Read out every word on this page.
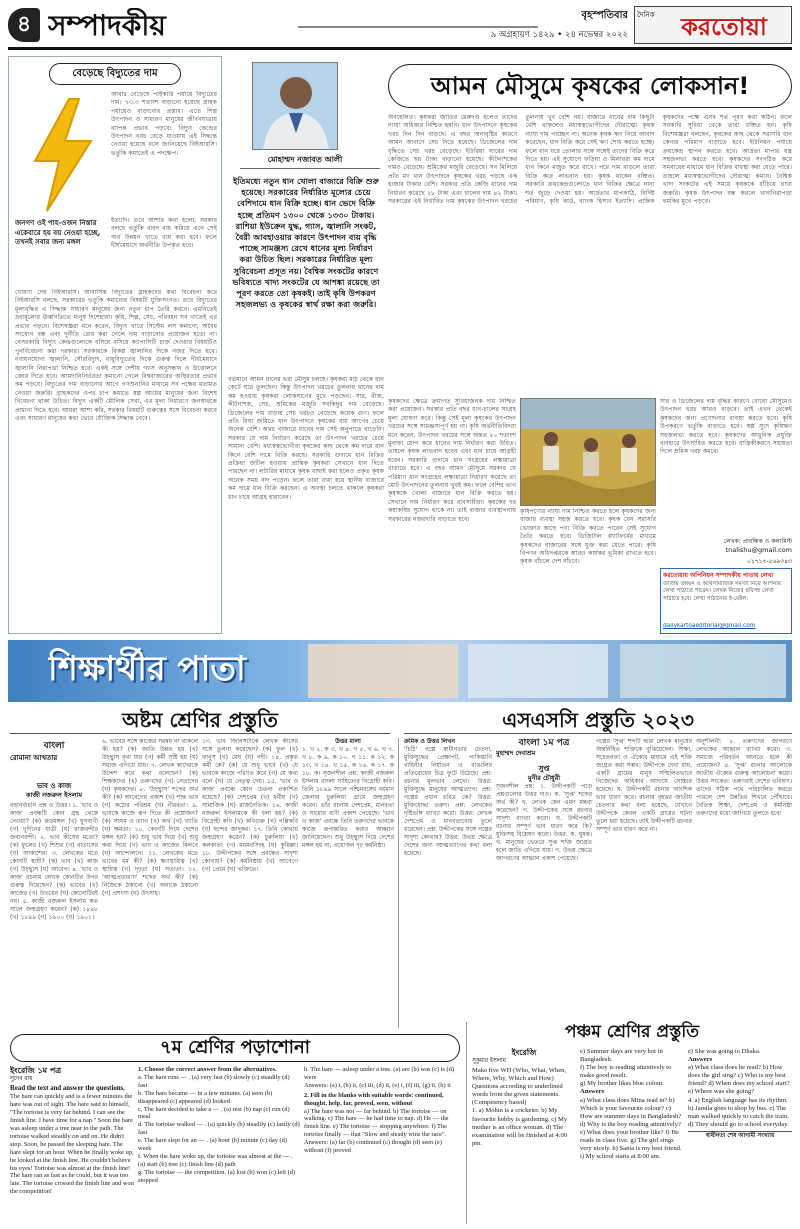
৪ সম্পাদকীয়	বৃহস্পতিবার
৯ অগ্রহায়ণ ১৪২৯ • ২৪ নভেম্বর ২০২২
দৈনিক	করতোয়া
বেড়েছে বিদ্যুতের দাম
আবার বেড়েছে পাইকারি পর্যায়ে বিদ্যুতের দাম। ৭৩.৩ শতাংশ বাড়ানো হয়েছে গ্রাহক পর্যায়েও বাড়ানোর প্রস্তাব। এতে শিল্প উৎপাদন ও সাধারণ মানুষের জীবনযাত্রায় ব্যাপক প্রভাব পড়বে। বিদ্যুৎ কেন্দ্রের উৎপাদন খরচ বেড়ে যাওয়ায় এই সিদ্ধান্ত নেওয়া হয়েছে বলে জানিয়েছে বিইআরসি। ভর্তুকি কমাতেই এ পদক্ষেপ।
জনগণ ওই পাহ-ওজন নিস্তার একেবারে হয় বয় নেওয়া হচ্ছে, তখনই সবার জন্য মঙ্গল
ইত্যাদি। তবে আশার কথা হলো, সরকার বলছে ভর্তুকি বাবদ ব্যয় কমিয়ে এনে সেই অর্থ উন্নয়ন খাতে ব্যয় করা হবে। ফলে দীর্ঘমেয়াদে অর্থনীতি উপকৃত হবে।
ঘোষণা দেয় বিইআরসি। আবাসিক বিদ্যুতের গ্রাহকদের কথা বিবেচনা করে বিইআরসি বলছে, সরকারের ভর্তুকি কমানোর বিষয়টি যুক্তিসংগত। তবে বিদ্যুতের মূল্যবৃদ্ধির এ সিদ্ধান্ত সাধারণ মানুষের জন্য নতুন চাপ তৈরি করবে। এমনিতেই দ্রব্যমূল্যের ঊর্ধ্বগতিতে মানুষ দিশেহারা। কৃষি, শিল্প, সেচ, পরিবহন সব খাতেই এর প্রভাব পড়বে। বিশেষজ্ঞরা মনে করেন, বিদ্যুৎ খাতে সিস্টেম লস কমানো, অবৈধ সংযোগ বন্ধ এবং দুর্নীতি রোধ করা গেলে দাম বাড়ানোর প্রয়োজন হতো না। বেসরকারি বিদ্যুৎ কেন্দ্রগুলোকে বসিয়ে বসিয়ে ক্যাপাসিটি চার্জ দেওয়ার বিষয়টিও পুনর্বিবেচনা করা দরকার। সরকারকে বিকল্প জ্বালানির দিকে নজর দিতে হবে। নবায়নযোগ্য জ্বালানি, সৌরবিদ্যুৎ, বায়ুবিদ্যুতের দিকে গুরুত্ব দিলে দীর্ঘমেয়াদে জ্বালানি নিরাপত্তা নিশ্চিত হবে। একই সঙ্গে দেশীয় গ্যাস অনুসন্ধান ও উত্তোলনে জোর দিতে হবে। আমদানিনির্ভরতা কমানো গেলে বিশ্ববাজারের অস্থিরতার প্রভাব কম পড়বে। বিদ্যুতের দাম বাড়ানোর আগে গণশুনানির মাধ্যমে সব পক্ষের মতামত নেওয়া জরুরি। গ্রাহকদের ওপর চাপ কমাতে স্বল্প আয়ের মানুষের জন্য বিশেষ বিবেচনা থাকা উচিত। বিদ্যুৎ একটি মৌলিক সেবা, এর মূল্য নির্ধারণে জনস্বার্থকে প্রাধান্য দিতে হবে। আমরা আশা করি, সরকার বিষয়টি গুরুত্বের সঙ্গে বিবেচনা করবে এবং সাধারণ মানুষের কথা ভেবে যৌক্তিক সিদ্ধান্ত নেবে।
মোহাম্মদ নজাবত আলী
ইতিমধ্যে নতুন ধান খোলা বাজারে বিক্রি শুরু হয়েছে। সরকারের নির্ধারিত মূল্যের চেয়ে বেশিদামে ধান বিক্রি হচ্ছে। ধান ভেদে বিক্রি হচ্ছে প্রতিমণ ১৩০০ থেকে ১৩৩০ টাকায়। রাশিয়া ইউক্রেন যুদ্ধ, গ্যাস, জ্বালানি সংকট, বৈরী আবহাওয়ার কারণে উৎপাদন ব্যয় বৃদ্ধি পাচ্ছে সামঞ্জস্য রেখে ধানের মূল্য নির্ধারণ করা উচিত ছিল। সরকারের নির্ধারিত মূল্য সুবিবেচনা প্রসূত নয়। বৈশ্বিক সংকটের কারণে ভবিষ্যতে খাদ্য সংকটের যে আশঙ্কা রয়েছে তা পূরণ করতে তো কৃষকই। তাই কৃষি উপকরণ সহজলভ্য ও কৃষকের স্বার্থ রক্ষা করা জরুরি।
বর্তমানে আমন ধানের ভরা মৌসুম চলছে। কৃষকরা মাঠ থেকে ধান কেটে ঘরে তুলছেন। কিন্তু উৎপাদন খরচের তুলনায় ধানের দাম কম হওয়ায় কৃষকরা লোকসানের মুখে পড়ছেন। সার, বীজ, কীটনাশক, সেচ, শ্রমিকের মজুরি সবকিছুর দাম বেড়েছে। ডিজেলের দাম বাড়ায় সেচ খরচও বেড়েছে কয়েক গুণ। ফলে প্রতি বিঘা জমিতে ধান উৎপাদনে কৃষকের ব্যয় আগের চেয়ে অনেক বেশি। অথচ বাজারে ধানের দাম সেই অনুপাতে বাড়েনি। সরকার যে দাম নির্ধারণ করেছে তা উৎপাদন খরচের চেয়ে সামান্য বেশি। মধ্যস্বত্বভোগীরা কৃষকের কাছ থেকে কম দামে ধান কিনে বেশি দামে বিক্রি করছে। সরকারি গুদামে ধান বিক্রির প্রক্রিয়া জটিল হওয়ায় প্রান্তিক কৃষকরা সেখানে ধান দিতে পারছেন না। লটারির মাধ্যমে কৃষক বাছাই করা হলেও প্রকৃত কৃষক অনেক সময় বাদ পড়েন। ফলে তারা বাধ্য হয়ে স্থানীয় বাজারে কম দামে ধান বিক্রি করছেন। এ অবস্থা চলতে থাকলে কৃষকরা ধান চাষে আগ্রহ হারাবেন।
আমন মৌসুমে কৃষকের লোকসান!
অবহেলিত। কৃষকরা জাতির মেরুদণ্ড হলেও তাদের ন্যায্য অধিকার নিশ্চিত হয়নি। ধান উৎপাদনে কৃষকের খরচ দিন দিন বাড়ছে। এ বছর অনাবৃষ্টির কারণে আমন আবাদে সেচ দিতে হয়েছে। ডিজেলের দাম বৃদ্ধিতে সেচ খরচ বেড়েছে। ইউরিয়া সারের দাম কেজিতে ছয় টাকা বাড়ানো হয়েছে। কীটনাশকের দামও বেড়েছে। শ্রমিকের মজুরি বেড়েছে। সব মিলিয়ে প্রতি মণ ধান উৎপাদনে কৃষকের খরচ পড়ছে এক হাজার টাকার বেশি। সরকার প্রতি কেজি ধানের দাম নির্ধারণ করেছে ২৮ টাকা এবং চালের দাম ৪২ টাকা। সরকারের এই নির্ধারিত দাম কৃষকের উৎপাদন খরচের তুলনায় খুব বেশি নয়। বাজারে ধানের দাম কিছুটা বেশি থাকলেও মধ্যস্বত্বভোগীদের দৌরাত্ম্যে কৃষক ন্যায্য দাম পাচ্ছেন না। অনেক কৃষক ঋণ নিয়ে আবাদ করেছেন, ধান বিক্রি করে সেই ঋণ শোধ করতে হচ্ছে। ফলে ধান ঘরে তোলার সঙ্গে সঙ্গেই তাদের বিক্রি করে দিতে হয়। এই সুযোগে ফড়িয়া ও মিলাররা কম দামে ধান কিনে মজুত করে রাখে। পরে দাম বাড়লে তারা বিক্রি করে লাভবান হয়। কৃষক থাকেন বঞ্চিত। সরকারি ক্রয়কেন্দ্রগুলোতে ধান বিক্রির ক্ষেত্রে নানা শর্ত জুড়ে দেওয়া হয়। আর্দ্রতার মাপকাঠি, নির্দিষ্ট পরিমাণ, কৃষি কার্ড, ব্যাংক হিসাব ইত্যাদি। প্রান্তিক কৃষকদের পক্ষে এসব শর্ত পূরণ করা কঠিন। ফলে সরকারি সুবিধা থেকে তারা বঞ্চিত হন। কৃষি বিশেষজ্ঞরা বলছেন, কৃষকের কাছ থেকে সরাসরি ধান কেনার পরিমাণ বাড়াতে হবে। ইউনিয়ন পর্যায়ে ক্রয়কেন্দ্র স্থাপন করতে হবে। আর্দ্রতা মাপার যন্ত্র সহজলভ্য করতে হবে। কৃষকদের সংগঠিত করে সমবায়ের মাধ্যমে ধান বিক্রির ব্যবস্থা করা যেতে পারে। তাহলে মধ্যস্বত্বভোগীদের দৌরাত্ম্য কমবে। বৈশ্বিক খাদ্য সংকটের এই সময়ে কৃষককে বাঁচিয়ে রাখা জরুরি। কৃষক উৎপাদন বন্ধ করলে খাদ্যনিরাপত্তা হুমকির মুখে পড়বে।
কৃষকদের ক্ষেত্রে ক্রমাগত সুবিধাজনক দাম নিশ্চিত করা প্রয়োজন। সরকার প্রতি বছর ধান-চালের সংগ্রহ মূল্য ঘোষণা করে। কিন্তু সেই মূল্য কৃষকের উৎপাদন খরচের সঙ্গে সামঞ্জস্যপূর্ণ হয় না। কৃষি অর্থনীতিবিদরা মনে করেন, উৎপাদন খরচের সঙ্গে অন্তত ২০ শতাংশ মুনাফা যোগ করে ধানের দাম নির্ধারণ করা উচিত। তাহলে কৃষক লাভবান হবেন এবং ধান চাষে আগ্রহী হবেন। সরকারি গুদামে ধান সংগ্রহের লক্ষ্যমাত্রা বাড়াতে হবে। এ বছর আমন মৌসুমে সরকার যে পরিমাণ ধান সংগ্রহের লক্ষ্যমাত্রা নির্ধারণ করেছে তা মোট উৎপাদনের তুলনায় খুবই কম। ফলে বেশির ভাগ কৃষককে খোলা বাজারে ধান বিক্রি করতে হয়। সেখানে দাম নির্ধারণ করে ব্যবসায়ীরা। কৃষকের দর কষাকষির সুযোগ থাকে না। তাই বাজার ব্যবস্থাপনায় সরকারের নজরদারি বাড়াতে হবে।
সার ও ডিজেলের দাম বৃদ্ধির কারণে বোরো মৌসুমেও উৎপাদন খরচ আরও বাড়বে। তাই এখন থেকেই কৃষকদের জন্য প্রণোদনার ব্যবস্থা করতে হবে। কৃষি উপকরণে ভর্তুকি বাড়াতে হবে। স্বল্প সুদে কৃষিঋণ সহজলভ্য করতে হবে। কৃষকদের আধুনিক প্রযুক্তি ব্যবহারে উৎসাহিত করতে হবে। যান্ত্রিকীকরণে সহায়তা দিলে শ্রমিক খরচ কমবে।
লেখক: প্রাবন্ধিক ও কলামিস্ট
tnalishu@gmail.com
০১৭১৭-৫৬৯৩৪৩
কৃষিপণ্যের ন্যায্য দাম নিশ্চিত করতে হলে কৃষকদের জন্য বাজার ব্যবস্থা সহজ করতে হবে। কৃষক যেন সরাসরি ভোক্তার কাছে পণ্য বিক্রি করতে পারেন সেই সুযোগ তৈরি করতে হবে। ডিজিটাল প্ল্যাটফর্মের মাধ্যমে কৃষকদের বাজারের সঙ্গে যুক্ত করা যেতে পারে। কৃষি বিপণন অধিদপ্তরকে আরও কার্যকর ভূমিকা রাখতে হবে। কৃষক বাঁচলে দেশ বাঁচবে।
করতোয়ায় অপিনিয়ন সম্পাদকীয় পাতায় লেখা
জাতীয় উন্নয়ন ও আর্থসামাজিক সমস্যা নিয়ে আপনার লেখা পাঠাতে পারেন। লেখক নিজের ছবিসহ লেখা পাঠাতে হবে। লেখা পাঠানোর ই-মেইল:
dailykartoaeditorial@gmail.com
শিক্ষার্থীর পাতা
অষ্টম শ্রেণির প্রস্তুতি	এসএসসি প্রস্তুতি ২০২৩
বাংলা
রোমানা আখতার
ভাব ও কাজ
কাজী নজরুল ইসলাম
বহুনির্বাচনি প্রশ্ন ও উত্তর। ১. 'ভাব ও কাজ' প্রবন্ধটি কোন গ্রন্থ থেকে নেওয়া? (ক) রুদ্রমঙ্গল (খ) যুগবাণী (গ) দুর্দিনের যাত্রী (ঘ) রাজবন্দীর জবানবন্দী। ২. ভাব কীসের মতো? (ক) ফুলের (খ) শিশুর (গ) বাতাসের (ঘ) আকাশের। ৩. লেখকের মতে কোনটি স্থায়ী? (ক) ভাব (খ) কাজ (গ) উচ্ছ্বাস (ঘ) আবেগ। ৪. 'ভাব ও কাজ' রচনায় লেখক কোনটির উপর গুরুত্ব দিয়েছেন? (ক) ভাবের (খ) কাজের (গ) উভয়ের (ঘ) কোনোটিরই নয়। ৫. কাজী নজরুল ইসলাম কত সালে জন্মগ্রহণ করেন? (ক) ১৮৯৮ (খ) ১৮৯৯ (গ) ১৯০০ (ঘ) ১৯০১।
৬. ভাবের সঙ্গে কাজের সমন্বয় না থাকলে কী হয়? (ক) জাতি উন্নত হয় (খ) উচ্ছ্বাস বৃথা যায় (গ) কর্মী সৃষ্টি হয় (ঘ) সমাজ এগিয়ে যায়। ৭. লেখক কাদেরকে উদ্দেশ করে কথা বলেছেন? (ক) শিক্ষকদের (খ) তরুণদের (গ) নেতাদের (ঘ) কৃষকদের। ৮. 'উচ্ছ্বাস' শব্দের অর্থ কী? (ক) আবেগের প্রকাশ (খ) শান্ত ভাব (গ) কঠোর পরিশ্রম (ঘ) নীরবতা। ৯. ভাবকে কাজে রূপ দিতে কী প্রয়োজন? (ক) সংযম ও ত্যাগ (খ) অর্থ (গ) খ্যাতি (ঘ) ক্ষমতা। ১০. কোনটি দিয়ে দেশের মঙ্গল হয়? (ক) শুধু ভাব দিয়ে (খ) শুধু কথা দিয়ে (গ) ভাব ও কাজের মিলনে (ঘ) আন্দোলনে। ১১. লেখকের মতে ভাবের ধর্ম কী? (ক) ক্ষণস্থায়িত্ব (খ) স্থায়িত্ব (গ) দৃঢ়তা (ঘ) সত্যতা। ১২. 'আত্মপ্রতারণা' শব্দের অর্থ কী? (ক) নিজেকে ঠকানো (খ) অন্যকে ঠকানো (গ) প্রশংসা (ঘ) উৎসাহ।
১৩. ভাব জিনিসটাকে লেখক কীসের সঙ্গে তুলনা করেছেন? (ক) ফুল (খ) ফানুস (গ) মেঘ (ঘ) নদী। ১৪. প্রকৃত কর্মী কে? (ক) যে শুধু ভাবে (খ) যে ভাবকে কাজে পরিণত করে (গ) যে কথা বলে (ঘ) যে নেতৃত্ব দেয়। ১৫. 'ভাব ও কাজ' প্রবন্ধে কোন চেতনা প্রকাশিত হয়েছে? (ক) দেশপ্রেম (খ) ধর্মীয় (গ) সামাজিক (ঘ) রাজনৈতিক। ১৬. কাজী নজরুল ইসলামকে কী বলা হয়? (ক) বিদ্রোহী কবি (খ) কবিগুরু (গ) পল্লিকবি (ঘ) ছন্দের জাদুকর। ১৭. তিনি কোথায় জন্মগ্রহণ করেন? (ক) চুরুলিয়া (খ) কলকাতা (গ) ময়মনসিংহ (ঘ) কুমিল্লা। ১৮. উদ্দীপকের সঙ্গে প্রবন্ধের সাদৃশ্য কোথায়? (ক) কর্মনিষ্ঠায় (খ) আবেগে (গ) প্রেমে (ঘ) ভক্তিতে।
উত্তর মালা
১. খ ২. ক ৩. খ ৪. গ ৫. খ ৬. খ ৭. খ ৮. ক ৯. ক ১০. গ ১১. ক ১২. ক ১৩. খ ১৪. খ ১৫. ক ১৬. ক ১৭. ক ১৮. ক। সৃজনশীল প্রশ্ন: কাজী নজরুল ইসলাম বাংলা সাহিত্যের বিদ্রোহী কবি। তিনি ১৮৯৯ সালে পশ্চিমবঙ্গের বর্ধমান জেলার চুরুলিয়া গ্রামে জন্মগ্রহণ করেন। তাঁর রচনায় দেশপ্রেম, মানবতা ও সাম্যের বাণী প্রকাশ পেয়েছে। 'ভাব ও কাজ' প্রবন্ধে তিনি তরুণদের ভাবকে কাজে রূপান্তরিত করার আহ্বান জানিয়েছেন। শুধু উচ্ছ্বাস দিয়ে দেশের মঙ্গল হয় না, প্রয়োজন দৃঢ় কর্মনিষ্ঠা।
ক্রমিক ও উত্তর লিখন
'চিঠি' গল্পে স্বাধীনতার চেতনা, মুক্তিযুদ্ধের প্রেক্ষাপট, পাকিস্তানি বাহিনীর নির্যাতন ও বাঙালির প্রতিরোধের চিত্র ফুটে উঠেছে। প্রশ্ন: রচনার মূলভাব লেখো। উত্তর: মুক্তিযুদ্ধে মানুষের আত্মত্যাগ। প্রশ্ন: গল্পের প্রধান চরিত্র কে? উত্তর: মুক্তিযোদ্ধা তরুণ। প্রশ্ন: লেখকের দৃষ্টিভঙ্গি ব্যাখ্যা করো। উত্তর: লেখক দেশপ্রেম ও মানবতাবোধ তুলে ধরেছেন। প্রশ্ন: উদ্দীপকের সঙ্গে গল্পের সাদৃশ্য কোথায়? উত্তর: উভয় ক্ষেত্রে দেশের জন্য আত্মত্যাগের কথা বলা হয়েছে।
বাংলা ১ম পত্র
মুহাম্মদ দেবাশ্রম
সুপ্ত
মুনীর চৌধুরী
সৃজনশীল প্রশ্ন: ১. উদ্দীপকটি পড়ে প্রশ্নগুলোর উত্তর দাও। ক. 'সুপ্ত' শব্দের অর্থ কী? খ. লেখক কেন এমন মন্তব্য করেছেন? গ. উদ্দীপকের সঙ্গে রচনার সাদৃশ্য ব্যাখ্যা করো। ঘ. উদ্দীপকটি রচনার সম্পূর্ণ ভাব ধারণ করে কি? যুক্তিসহ বিশ্লেষণ করো। উত্তর: ক. ঘুমন্ত। খ. মানুষের ভেতরে সুপ্ত শক্তি জাগ্রত হলে জাতি এগিয়ে যায়। গ. উভয় ক্ষেত্রে জাগরণের আহ্বান প্রকাশ পেয়েছে।
গল্পের 'সুপ্ত' শব্দটি দ্বারা লেখক মানুষের অন্তর্নিহিত শক্তিকে বুঝিয়েছেন। শিক্ষা, সচেতনতা ও ঐক্যের মাধ্যমে এই শক্তি জাগ্রত করা সম্ভব। উদ্দীপকে দেখা যায়, একটি গ্রামের মানুষ সম্মিলিতভাবে নিজেদের অধিকার আদায়ে সোচ্চার হয়েছে। ঘ. উদ্দীপকটি রচনার আংশিক ভাব ধারণ করে। রচনায় বৃহত্তর জাতীয় চেতনার কথা বলা হয়েছে, যেখানে উদ্দীপকে কেবল একটি গ্রামের ঘটনা তুলে ধরা হয়েছে। তাই উদ্দীপকটি রচনার সম্পূর্ণ ভাব ধারণ করে না।
অনুশীলনী: ২. তরুণদের জাগরণে লেখকের আহ্বান ব্যাখ্যা করো। ৩. সমাজে পরিবর্তন আনতে হলে কী প্রয়োজন? ৪. 'সুপ্ত' রচনার আলোকে জাতীয় ঐক্যের গুরুত্ব আলোচনা করো। উত্তর সংকেত: তরুণরাই দেশের ভবিষ্যৎ। তাদের সঠিক পথে পরিচালিত করতে পারলে দেশ উন্নতির শিখরে পৌঁছাবে। নৈতিক শিক্ষা, দেশপ্রেম ও কর্মনিষ্ঠা তরুণদের মধ্যে জাগিয়ে তুলতে হবে।
পঞ্চম শ্রেণির প্রস্তুতি
৭ম শ্রেণির পড়াশোনা
ইংরেজি ১ম পত্র
সুদেব রায়
Read the text and answer the questions.
The hare can quickly and is a fewer minutes the hare was out of sight. The hare said to himself, "The tortoise is very far behind. I can see the finish line. I have time for a nap." Soon the hare was asleep under a tree near to the path. The tortoise walked steadily on and on. He didn't stop. Soon, he passed the sleeping hare. The hare slept for an hour. When he finally woke up, he looked at the finish line. He couldn't believe his eyes! Tortoise was almost at the finish line! The hare ran as fast as he could, but it was too late. The tortoise crossed the finish line and won the competition!
1. Choose the correct answer from the alternatives.
a. The hare runs — . (a) very fast (b) slowly (c) steadily (d) fast
b. The hare became — in a few minutes. (a) seen (b) disappeared (c) appeared (d) looked
c. The hare decided to take a — . (a) rest (b) nap (c) run (d) meal
d. The tortoise walked — . (a) quickly (b) steadily (c) lazily (d) fast
e. The hare slept for an — . (a) hour (b) minute (c) day (d) week
f. When the hare woke up, the tortoise was almost at the — . (a) start (b) tree (c) finish line (d) path
g. The tortoise — the competition. (a) lost (b) won (c) left (d) stopped
h. The hare — asleep under a tree. (a) are (b) was (c) is (d) were
Answers: (a) i, (b) ii, (c) iii, (d) ii, (e) i, (f) iii, (g) ii, (h) ii
2. Fill in the blanks with suitable words: continued, thought, help, far, proved, seen, without
a) The hare was not — far behind. b) The tortoise — on walking. c) The hare — he had time to nap. d) He — the finish line. e) The tortoise — stopping anywhere. f) The tortoise finally — that "Slow and steady wins the race". Answers: (a) far (b) continued (c) thought (d) seen (e) without (f) proved
ইংরেজি
সুকুমার ইসলাম
Make five WH (Who, What, When, Where, Why, Which and How) Questions according to underlined words from the given statements. (Competency based)
1. a) Mohin is a cricketer. b) My favourite hobby is gardening. c) My mother is an office woman. d) The examination will be finished at 4:00 pm.
e) Summer days are very hot in Bangladesh.
f) The boy is reading attentively to make good result.
g) My brother likes blue colour.
Answers
a) What class does Mina read in? b) Which is your favourite colour? c) How are summer days in Bangladesh? d) Why is the boy reading attentively? e) What does your brother like? f) He reads in class five. g) The girl sings very nicely. h) Sania is my best friend. i) My school starts at 8:00 am.
e) She was going to Dhaka.
Answers
a) What class does he read? b) How does the girl sing? c) Who is my best friend? d) When does my school start? e) Where was she going?
4. a) English language has its rhythm. b) Jamila goes to shop by bus. c) The man walked quickly to catch the train. d) They should go to school everyday.
স্বাধীনতা শেষ আগামী সংখ্যায়
